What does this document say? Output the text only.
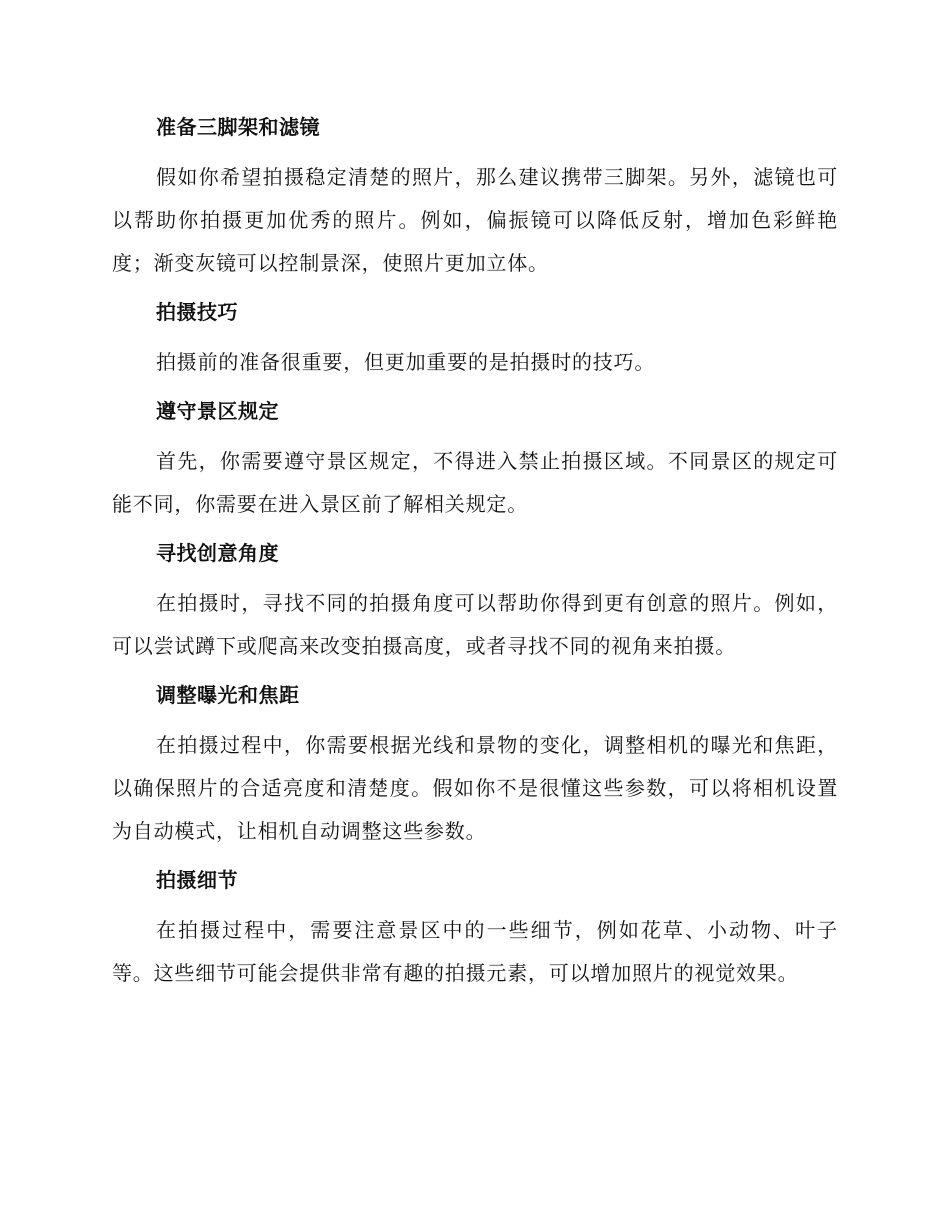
准备三脚架和滤镜

假如你希望拍摄稳定清楚的照片，那么建议携带三脚架。另外，滤镜也可以帮助你拍摄更加优秀的照片。例如，偏振镜可以降低反射，增加色彩鲜艳度；渐变灰镜可以控制景深，使照片更加立体。

拍摄技巧

拍摄前的准备很重要，但更加重要的是拍摄时的技巧。

遵守景区规定

首先，你需要遵守景区规定，不得进入禁止拍摄区域。不同景区的规定可能不同，你需要在进入景区前了解相关规定。

寻找创意角度

在拍摄时，寻找不同的拍摄角度可以帮助你得到更有创意的照片。例如，可以尝试蹲下或爬高来改变拍摄高度，或者寻找不同的视角来拍摄。

调整曝光和焦距

在拍摄过程中，你需要根据光线和景物的变化，调整相机的曝光和焦距，以确保照片的合适亮度和清楚度。假如你不是很懂这些参数，可以将相机设置为自动模式，让相机自动调整这些参数。

拍摄细节

在拍摄过程中，需要注意景区中的一些细节，例如花草、小动物、叶子等。这些细节可能会提供非常有趣的拍摄元素，可以增加照片的视觉效果。
